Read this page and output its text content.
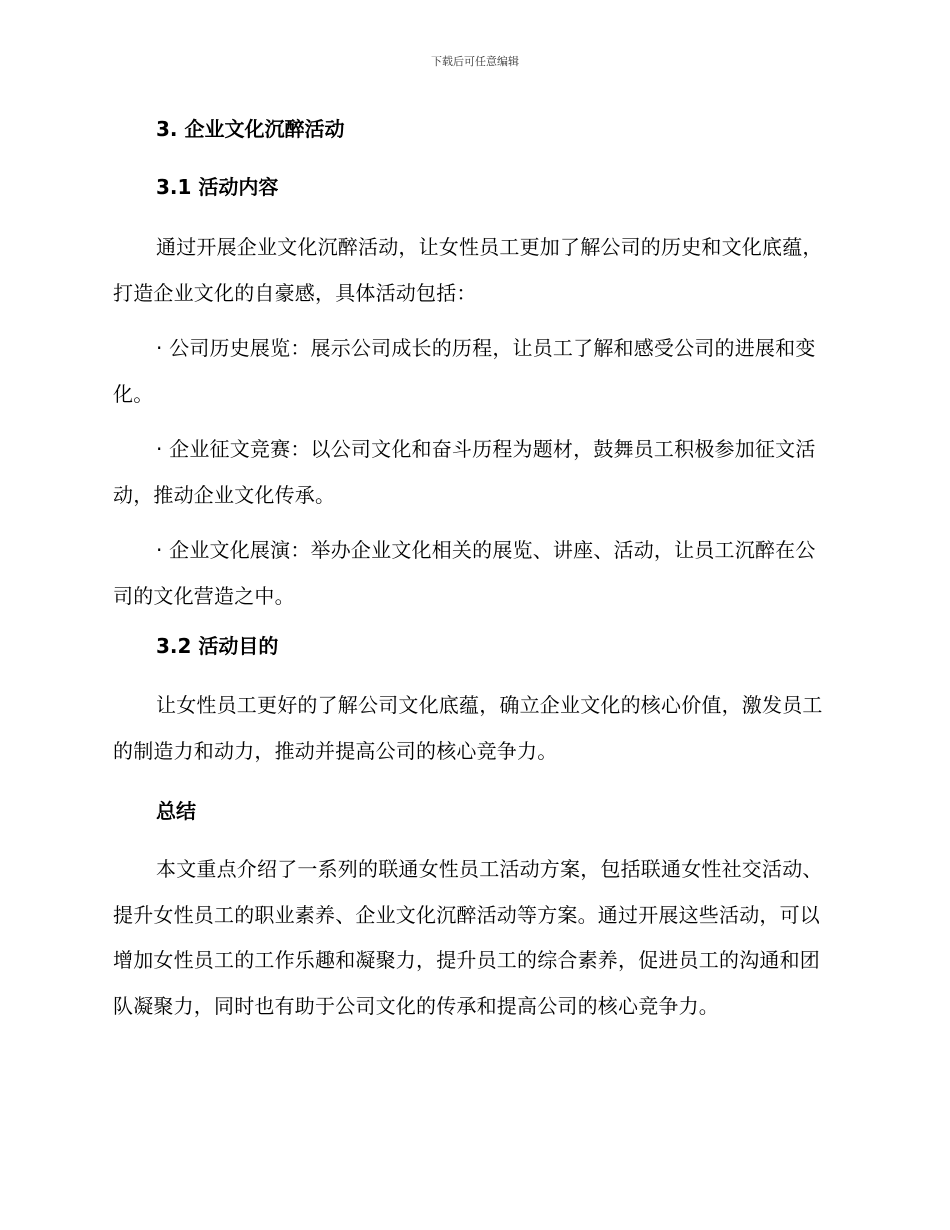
下载后可任意编辑
3. 企业文化沉醉活动
3.1 活动内容

通过开展企业文化沉醉活动，让女性员工更加了解公司的历史和文化底蕴，打造企业文化的自豪感，具体活动包括：

· 公司历史展览：展示公司成长的历程，让员工了解和感受公司的进展和变化。

· 企业征文竞赛：以公司文化和奋斗历程为题材，鼓舞员工积极参加征文活动，推动企业文化传承。

· 企业文化展演：举办企业文化相关的展览、讲座、活动，让员工沉醉在公司的文化营造之中。

3.2 活动目的

让女性员工更好的了解公司文化底蕴，确立企业文化的核心价值，激发员工的制造力和动力，推动并提高公司的核心竞争力。

总结

本文重点介绍了一系列的联通女性员工活动方案，包括联通女性社交活动、提升女性员工的职业素养、企业文化沉醉活动等方案。通过开展这些活动，可以增加女性员工的工作乐趣和凝聚力，提升员工的综合素养，促进员工的沟通和团队凝聚力，同时也有助于公司文化的传承和提高公司的核心竞争力。
